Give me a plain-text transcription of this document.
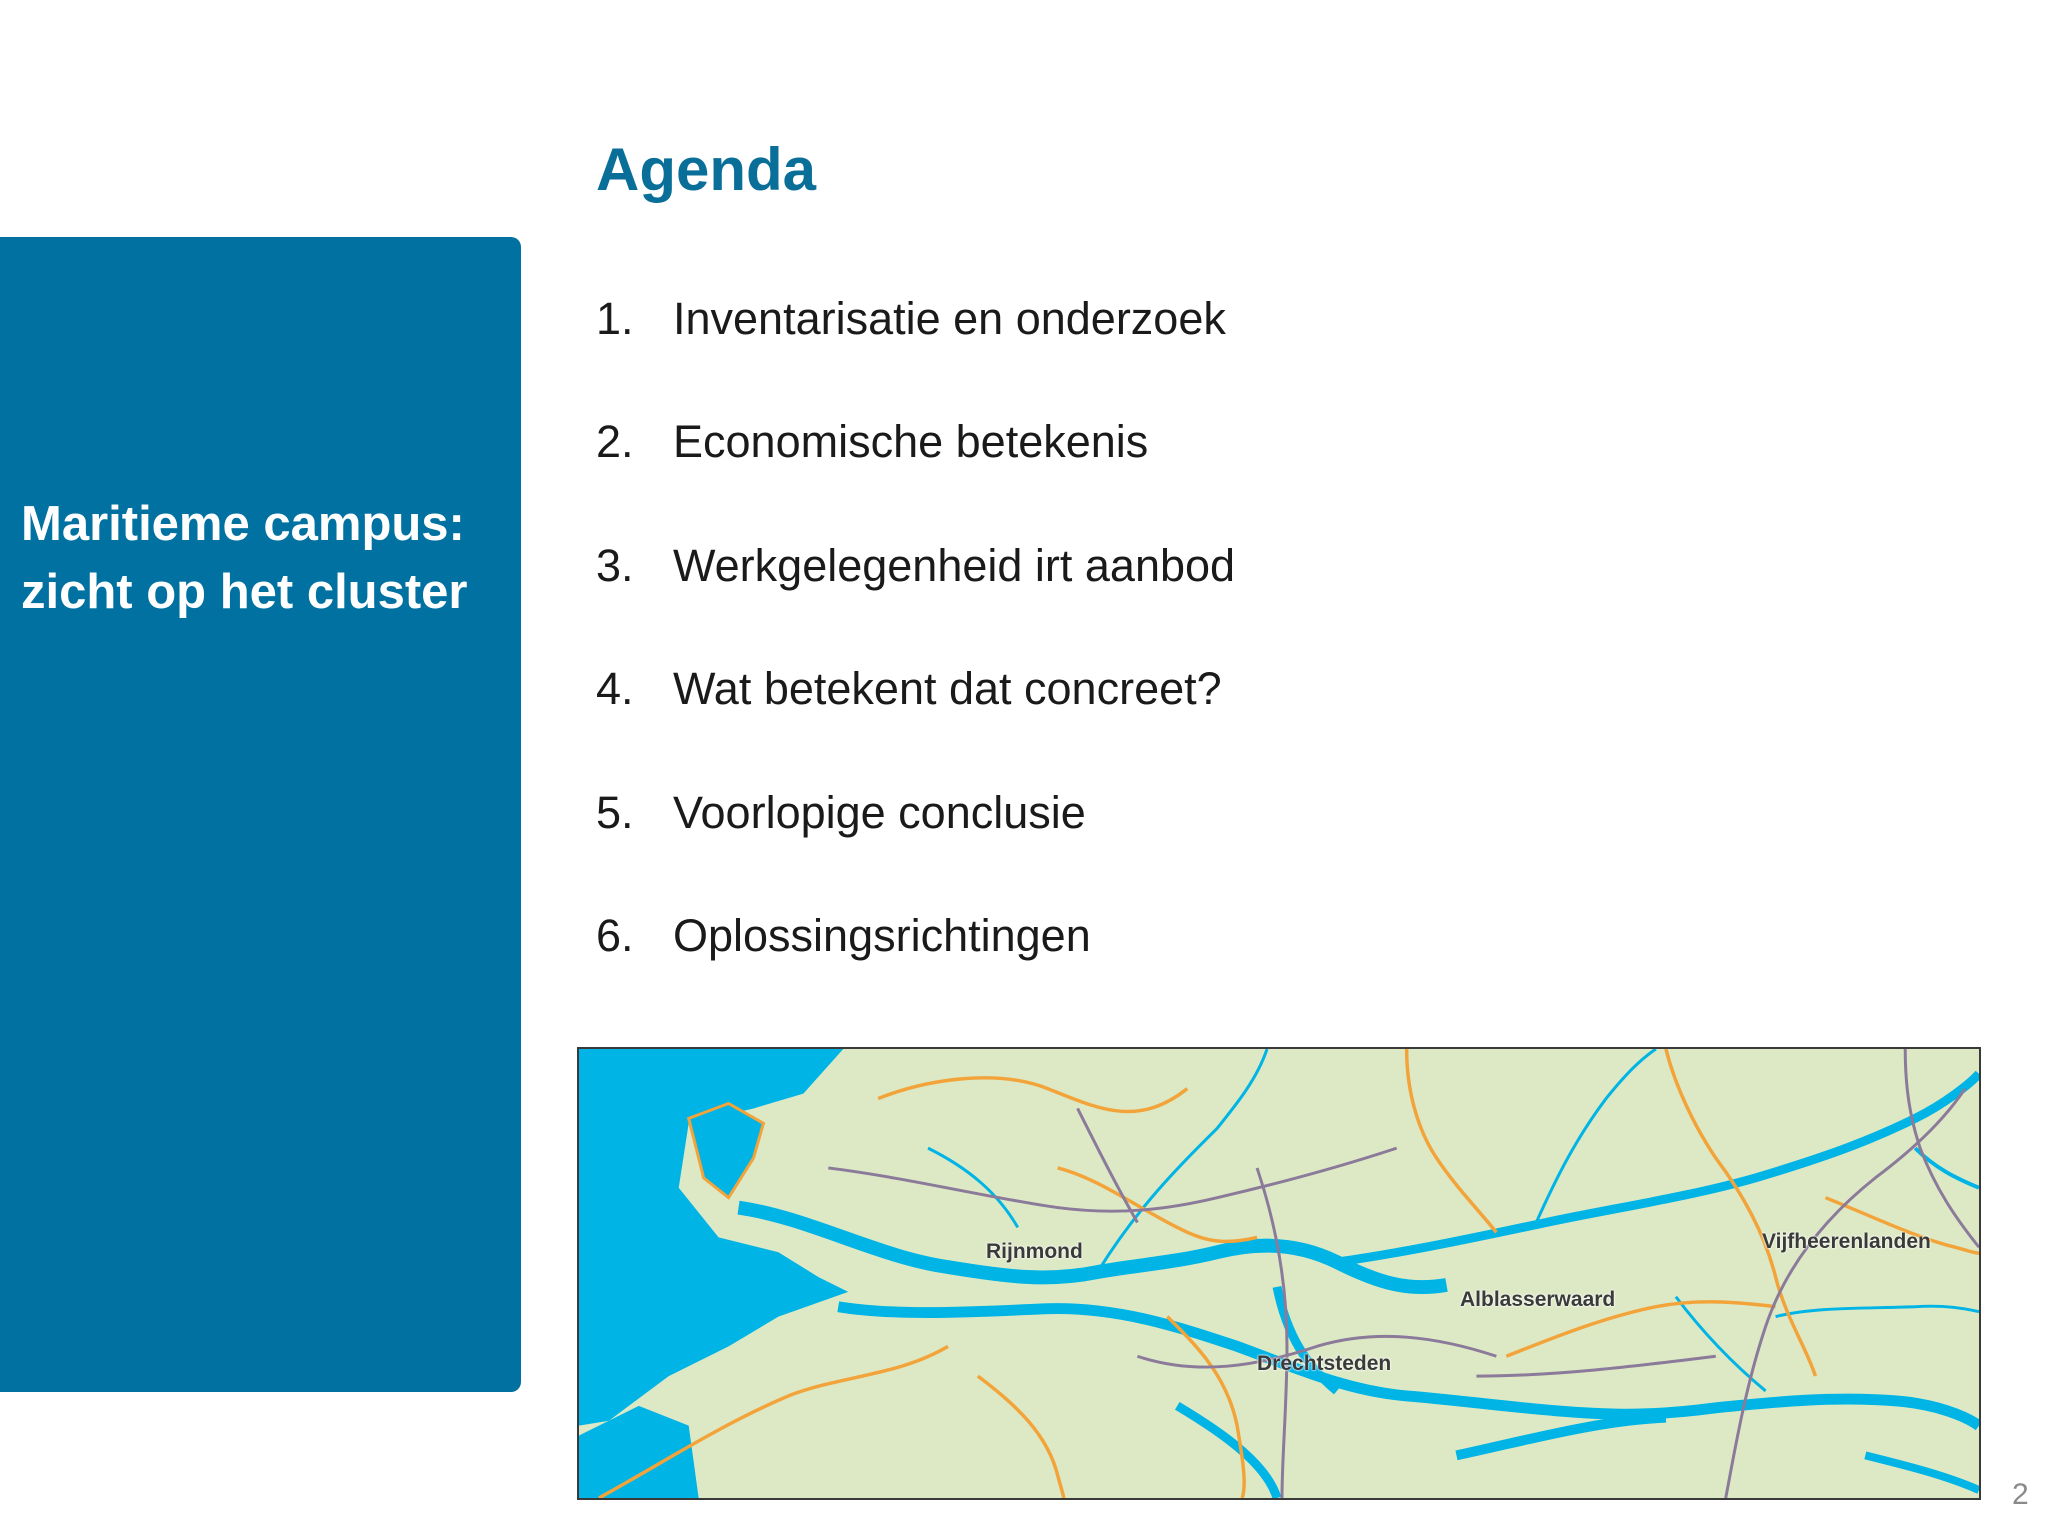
Maritieme campus:
zicht op het cluster
Agenda
1. Inventarisatie en onderzoek
2. Economische betekenis
3. Werkgelegenheid irt aanbod
4. Wat betekent dat concreet?
5. Voorlopige conclusie
6. Oplossingsrichtingen
Rijnmond
Alblasserwaard
Vijfheerenlanden
Drechtsteden
2
